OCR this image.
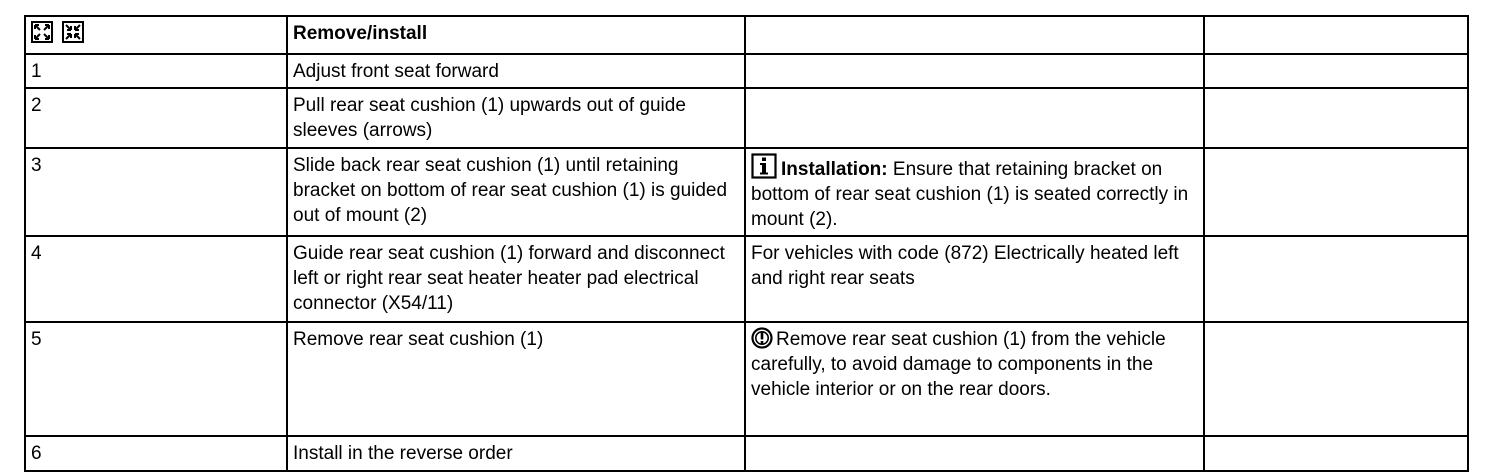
	Remove/install		
1	Adjust front seat forward		
2	Pull rear seat cushion (1) upwards out of guide sleeves (arrows)		
3	Slide back rear seat cushion (1) until retaining bracket on bottom of rear seat cushion (1) is guided out of mount (2)	Installation: Ensure that retaining bracket on bottom of rear seat cushion (1) is seated correctly in mount (2).	
4	Guide rear seat cushion (1) forward and disconnect left or right rear seat heater heater pad electrical connector (X54/11)	For vehicles with code (872) Electrically heated left and right rear seats	
5	Remove rear seat cushion (1)	Remove rear seat cushion (1) from the vehicle carefully, to avoid damage to components in the vehicle interior or on the rear doors.	
6	Install in the reverse order		
